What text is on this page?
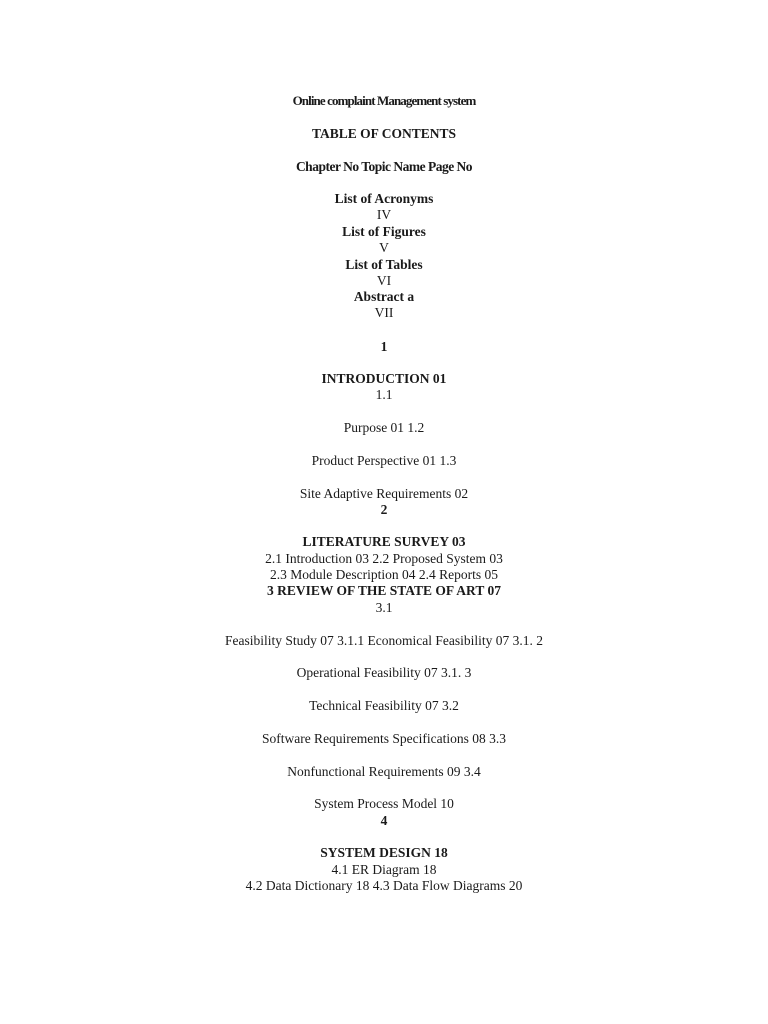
Online complaint Management system
TABLE OF CONTENTS
Chapter No Topic Name Page No
List of Acronyms
IV
List of Figures
V
List of Tables
VI
Abstract a
VII
1
INTRODUCTION 01
1.1
Purpose 01 1.2
Product Perspective 01 1.3
Site Adaptive Requirements 02
2
LITERATURE SURVEY 03
2.1 Introduction 03 2.2 Proposed System 03
2.3 Module Description 04 2.4 Reports 05
3 REVIEW OF THE STATE OF ART 07
3.1
Feasibility Study 07 3.1.1 Economical Feasibility 07 3.1. 2
Operational Feasibility 07 3.1. 3
Technical Feasibility 07 3.2
Software Requirements Specifications 08 3.3
Nonfunctional Requirements 09 3.4
System Process Model 10
4
SYSTEM DESIGN 18
4.1 ER Diagram 18
4.2 Data Dictionary 18 4.3 Data Flow Diagrams 20
